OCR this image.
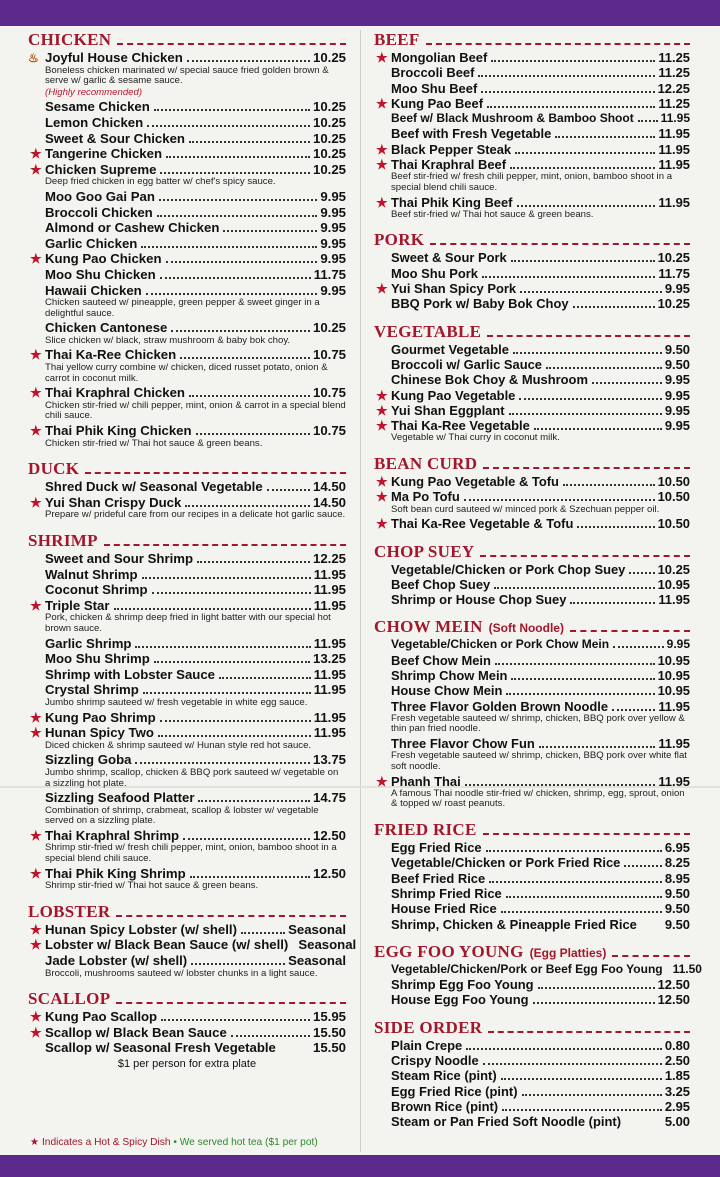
CHICKEN
♨ Joyful House Chicken	10.25
Boneless chicken marinated w/ special sauce fried golden brown & serve w/ garlic & sesame sauce.
(Highly recommended)
Sesame Chicken	10.25
Lemon Chicken	10.25
Sweet & Sour Chicken	10.25
★ Tangerine Chicken	10.25
★ Chicken Supreme	10.25
Deep fried chicken in egg batter w/ chef's spicy sauce.
Moo Goo Gai Pan	9.95
Broccoli Chicken	9.95
Almond or Cashew Chicken	9.95
Garlic Chicken	9.95
★ Kung Pao Chicken	9.95
Moo Shu Chicken	11.75
Hawaii Chicken	9.95
Chicken sauteed w/ pineapple, green pepper & sweet ginger in a delightful sauce.
Chicken Cantonese	10.25
Slice chicken w/ black, straw mushroom & baby bok choy.
★ Thai Ka-Ree Chicken	10.75
Thai yellow curry combine w/ chicken, diced russet potato, onion & carrot in coconut milk.
★ Thai Kraphral Chicken	10.75
Chicken stir-fried w/ chili pepper, mint, onion & carrot in a special blend chili sauce.
★ Thai Phik King Chicken	10.75
Chicken stir-fried w/ Thai hot sauce & green beans.
DUCK
Shred Duck w/ Seasonal Vegetable	14.50
★ Yui Shan Crispy Duck	14.50
Prepare w/ prideful care from our recipes in a delicate hot garlic sauce.
SHRIMP
Sweet and Sour Shrimp	12.25
Walnut Shrimp	11.95
Coconut Shrimp	11.95
★ Triple Star	11.95
Pork, chicken & shrimp deep fried in light batter with our special hot brown sauce.
Garlic Shrimp	11.95
Moo Shu Shrimp	13.25
Shrimp with Lobster Sauce	11.95
Crystal Shrimp	11.95
Jumbo shrimp sauteed w/ fresh vegetable in white egg sauce.
★ Kung Pao Shrimp	11.95
★ Hunan Spicy Two	11.95
Diced chicken & shrimp sauteed w/ Hunan style red hot sauce.
Sizzling Goba	13.75
Jumbo shrimp, scallop, chicken & BBQ pork sauteed w/ vegetable on a sizzling hot plate.
Sizzling Seafood Platter	14.75
Combination of shrimp, crabmeat, scallop & lobster w/ vegetable served on a sizzling plate.
★ Thai Kraphral Shrimp	12.50
Shrimp stir-fried w/ fresh chili pepper, mint, onion, bamboo shoot in a special blend chili sauce.
★ Thai Phik King Shrimp	12.50
Shrimp stir-fried w/ Thai hot sauce & green beans.
LOBSTER
★ Hunan Spicy Lobster (w/ shell)	Seasonal
★ Lobster w/ Black Bean Sauce (w/ shell) Seasonal
Jade Lobster (w/ shell)	Seasonal
Broccoli, mushrooms sauteed w/ lobster chunks in a light sauce.
SCALLOP
★ Kung Pao Scallop	15.95
★ Scallop w/ Black Bean Sauce	15.50
Scallop w/ Seasonal Fresh Vegetable	15.50
$1 per person for extra plate
BEEF
★ Mongolian Beef	11.25
Broccoli Beef	11.25
Moo Shu Beef	12.25
★ Kung Pao Beef	11.25
Beef w/ Black Mushroom & Bamboo Shoot 11.95
Beef with Fresh Vegetable	11.95
★ Black Pepper Steak	11.95
★ Thai Kraphral Beef	11.95
Beef stir-fried w/ fresh chili pepper, mint, onion, bamboo shoot in a special blend chili sauce.
★ Thai Phik King Beef	11.95
Beef stir-fried w/ Thai hot sauce & green beans.
PORK
Sweet & Sour Pork	10.25
Moo Shu Pork	11.75
★ Yui Shan Spicy Pork	9.95
BBQ Pork w/ Baby Bok Choy	10.25
VEGETABLE
Gourmet Vegetable	9.50
Broccoli w/ Garlic Sauce	9.50
Chinese Bok Choy & Mushroom	9.95
★ Kung Pao Vegetable	9.95
★ Yui Shan Eggplant	9.95
★ Thai Ka-Ree Vegetable	9.95
Vegetable w/ Thai curry in coconut milk.
BEAN CURD
★ Kung Pao Vegetable & Tofu	10.50
★ Ma Po Tofu	10.50
Soft bean curd sauteed w/ minced pork & Szechuan pepper oil.
★ Thai Ka-Ree Vegetable & Tofu	10.50
CHOP SUEY
Vegetable/Chicken or Pork Chop Suey 10.25
Beef Chop Suey	10.95
Shrimp or House Chop Suey	11.95
CHOW MEIN (Soft Noodle)
Vegetable/Chicken or Pork Chow Mein	9.95
Beef Chow Mein	10.95
Shrimp Chow Mein	10.95
House Chow Mein	10.95
Three Flavor Golden Brown Noodle	11.95
Fresh vegetable sauteed w/ shrimp, chicken, BBQ pork over yellow & thin pan fried noodle.
Three Flavor Chow Fun	11.95
Fresh vegetable sauteed w/ shrimp, chicken, BBQ pork over white flat soft noodle.
★ Phanh Thai	11.95
A famous Thai noodle stir-fried w/ chicken, shrimp, egg, sprout, onion & topped w/ roast peanuts.
FRIED RICE
Egg Fried Rice	6.95
Vegetable/Chicken or Pork Fried Rice	8.25
Beef Fried Rice	8.95
Shrimp Fried Rice	9.50
House Fried Rice	9.50
Shrimp, Chicken & Pineapple Fried Rice 9.50
EGG FOO YOUNG (Egg Platties)
Vegetable/Chicken/Pork or Beef Egg Foo Young 11.50
Shrimp Egg Foo Young	12.50
House Egg Foo Young	12.50
SIDE ORDER
Plain Crepe	0.80
Crispy Noodle	2.50
Steam Rice (pint)	1.85
Egg Fried Rice (pint)	3.25
Brown Rice (pint)	2.95
Steam or Pan Fried Soft Noodle (pint)	5.00
★ Indicates a Hot & Spicy Dish • We served hot tea ($1 per pot)
